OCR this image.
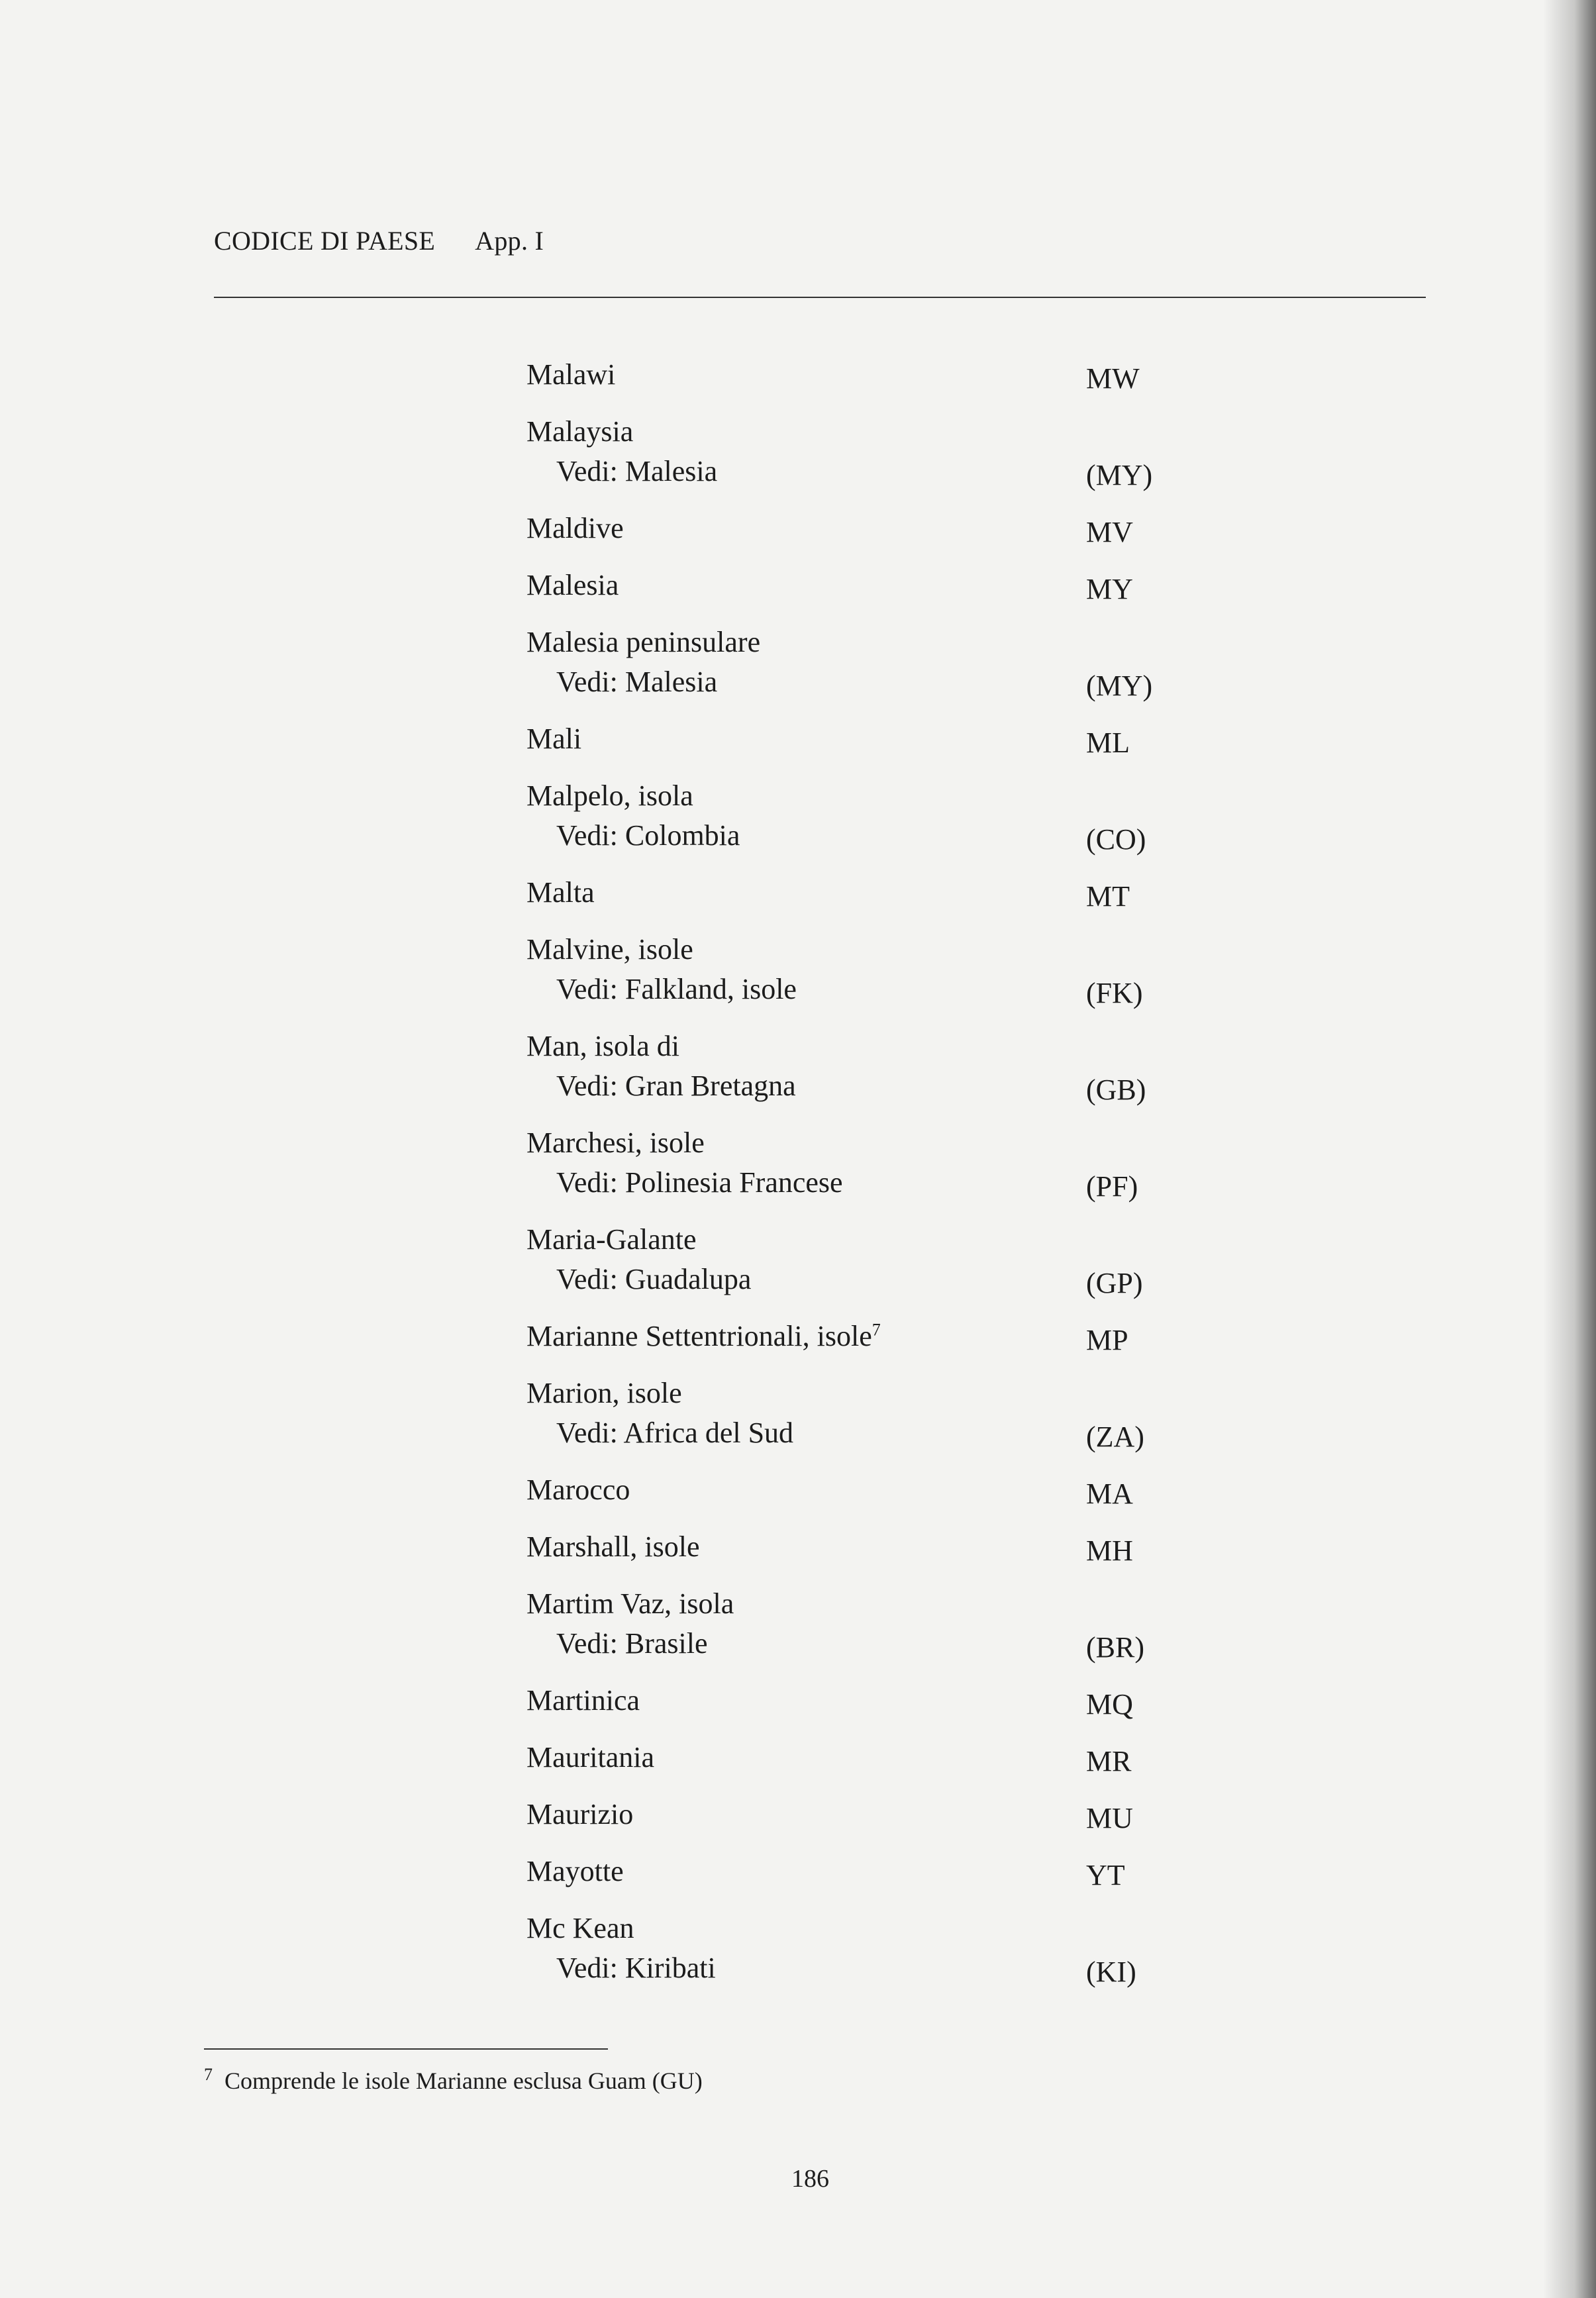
CODICE DI PAESE App. I
Malawi	MW
Malaysia
Vedi: Malesia	(MY)
Maldive	MV
Malesia	MY
Malesia peninsulare
Vedi: Malesia	(MY)
Mali	ML
Malpelo, isola
Vedi: Colombia	(CO)
Malta	MT
Malvine, isole
Vedi: Falkland, isole	(FK)
Man, isola di
Vedi: Gran Bretagna	(GB)
Marchesi, isole
Vedi: Polinesia Francese	(PF)
Maria-Galante
Vedi: Guadalupa	(GP)
Marianne Settentrionali, isole$^7$	MP
Marion, isole
Vedi: Africa del Sud	(ZA)
Marocco	MA
Marshall, isole	MH
Martim Vaz, isola
Vedi: Brasile	(BR)
Martinica	MQ
Mauritania	MR
Maurizio	MU
Mayotte	YT
Mc Kean
Vedi: Kiribati	(KI)
$^7$ Comprende le isole Marianne esclusa Guam (GU)
186
